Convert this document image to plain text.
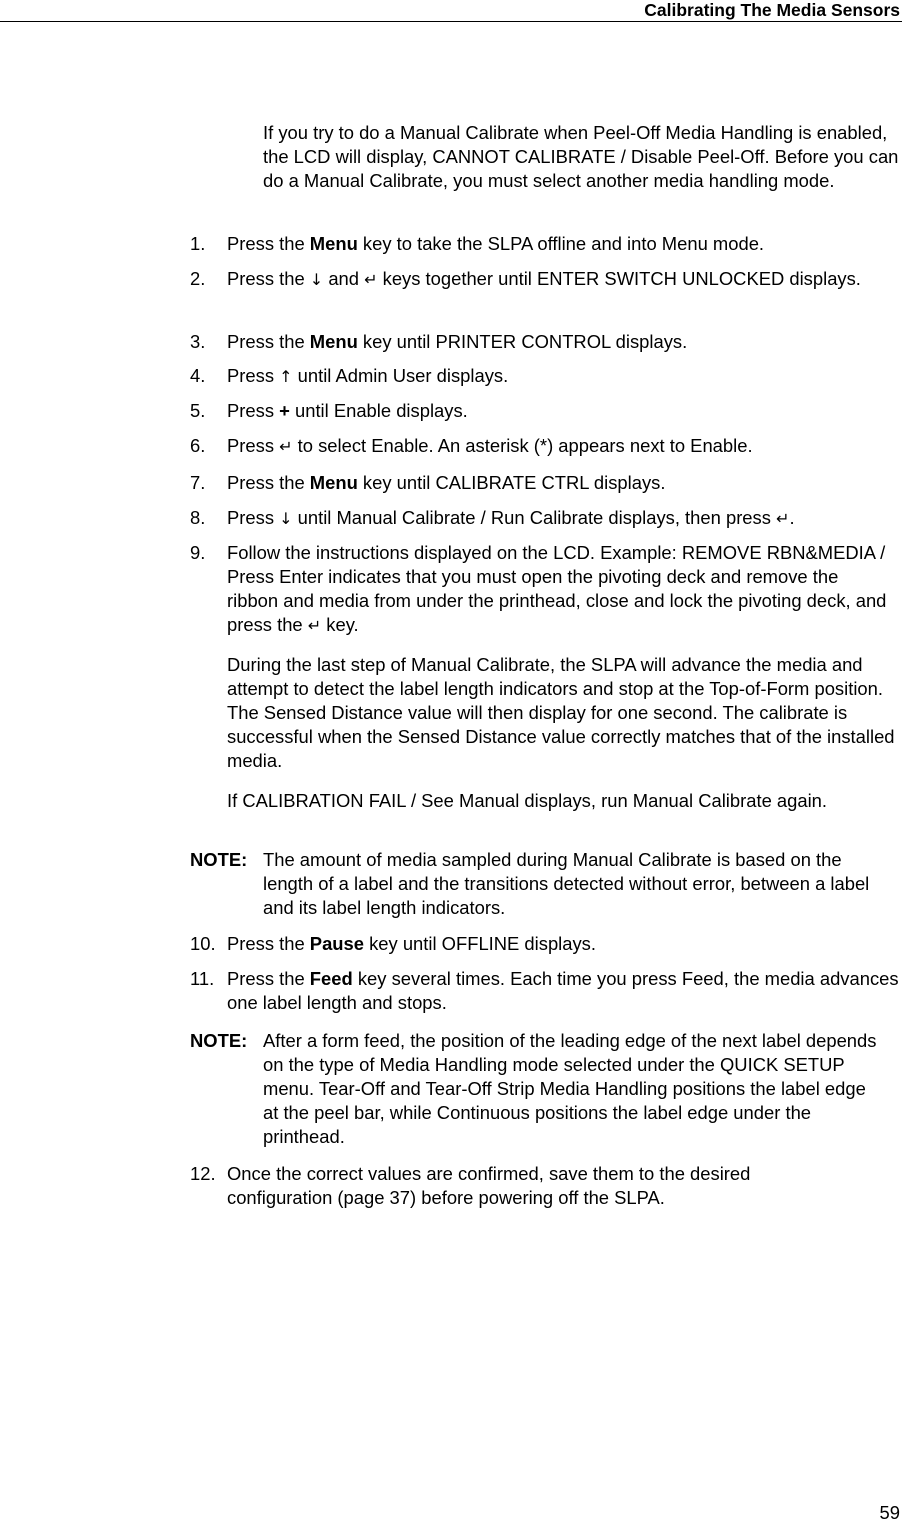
Calibrating The Media Sensors
If you try to do a Manual Calibrate when Peel-Off Media Handling is enabled, the LCD will display, CANNOT CALIBRATE / Disable Peel-Off. Before you can do a Manual Calibrate, you must select another media handling mode.
1.	Press the Menu key to take the SLPA offline and into Menu mode.
2.	Press the ↓ and ↵ keys together until ENTER SWITCH UNLOCKED displays.
3.	Press the Menu key until PRINTER CONTROL displays.
4.	Press ↑ until Admin User displays.
5.	Press + until Enable displays.
6.	Press ↵ to select Enable. An asterisk (*) appears next to Enable.
7.	Press the Menu key until CALIBRATE CTRL displays.
8.	Press ↓ until Manual Calibrate / Run Calibrate displays, then press ↵.
9.	Follow the instructions displayed on the LCD. Example: REMOVE RBN&MEDIA / Press Enter indicates that you must open the pivoting deck and remove the ribbon and media from under the printhead, close and lock the pivoting deck, and press the ↵ key.
During the last step of Manual Calibrate, the SLPA will advance the media and attempt to detect the label length indicators and stop at the Top-of-Form position. The Sensed Distance value will then display for one second. The calibrate is successful when the Sensed Distance value correctly matches that of the installed media.
If CALIBRATION FAIL / See Manual displays, run Manual Calibrate again.
NOTE: The amount of media sampled during Manual Calibrate is based on the length of a label and the transitions detected without error, between a label and its label length indicators.
10. Press the Pause key until OFFLINE displays.
11. Press the Feed key several times. Each time you press Feed, the media advances one label length and stops.
NOTE: After a form feed, the position of the leading edge of the next label depends on the type of Media Handling mode selected under the QUICK SETUP menu. Tear-Off and Tear-Off Strip Media Handling positions the label edge at the peel bar, while Continuous positions the label edge under the printhead.
12. Once the correct values are confirmed, save them to the desired configuration (page 37) before powering off the SLPA.
59
